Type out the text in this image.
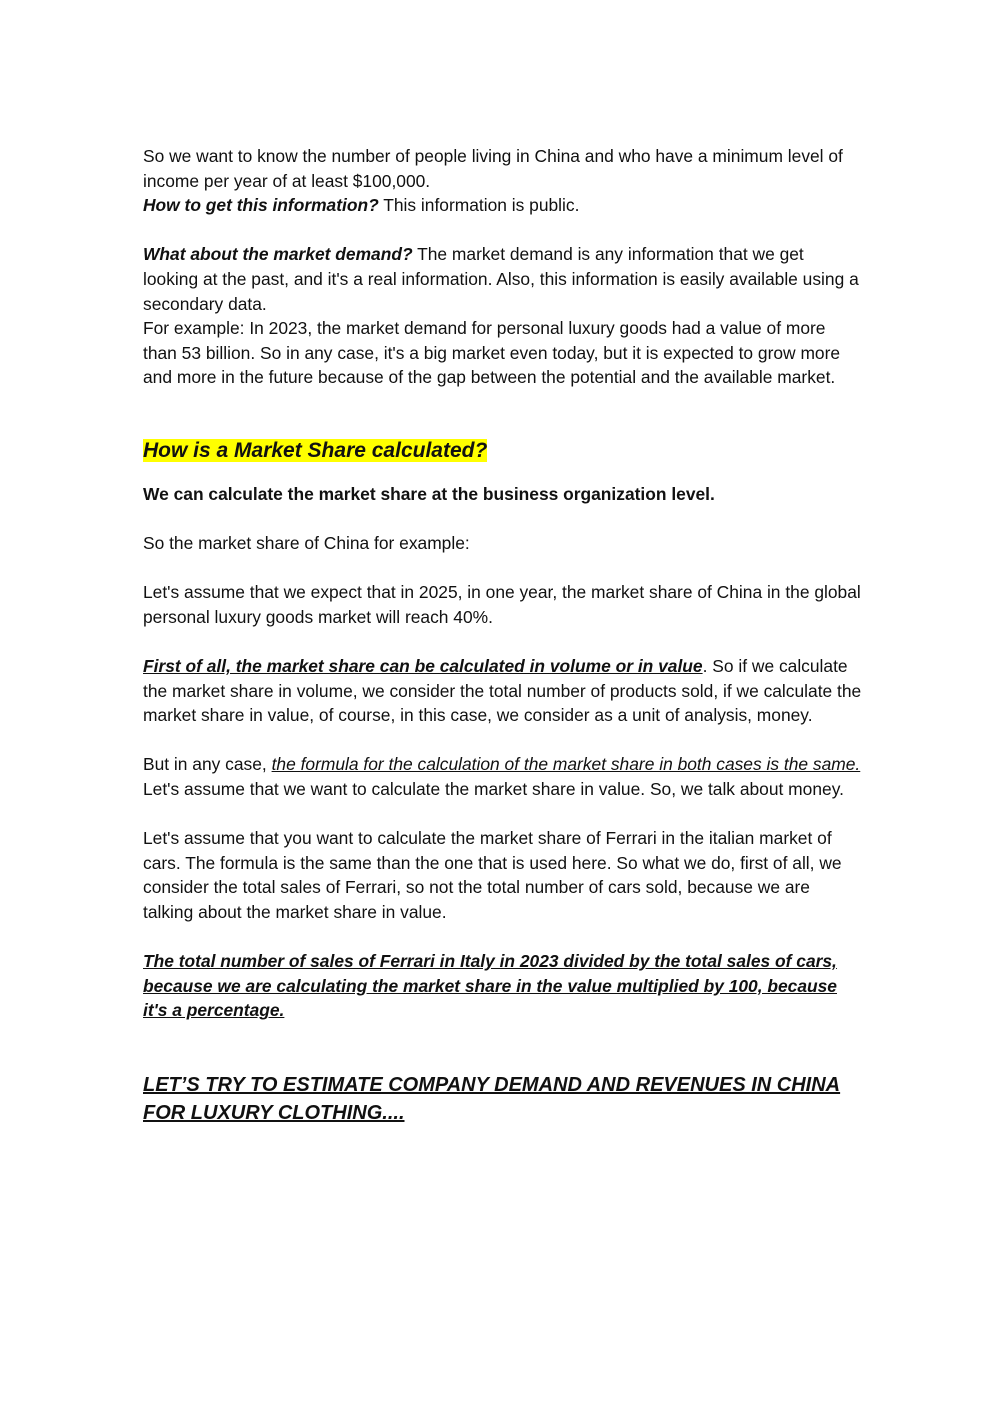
So we want to know the number of people living in China and who have a minimum level of income per year of at least $100,000.

How to get this information? This information is public.

What about the market demand? The market demand is any information that we get looking at the past, and it's a real information. Also, this information is easily available using a secondary data.

For example: In 2023, the market demand for personal luxury goods had a value of more than 53 billion. So in any case, it's a big market even today, but it is expected to grow more and more in the future because of the gap between the potential and the available market.

How is a Market Share calculated?

We can calculate the market share at the business organization level.

So the market share of China for example:

Let's assume that we expect that in 2025, in one year, the market share of China in the global personal luxury goods market will reach 40%.

First of all, the market share can be calculated in volume or in value. So if we calculate the market share in volume, we consider the total number of products sold, if we calculate the market share in value, of course, in this case, we consider as a unit of analysis, money.

But in any case, the formula for the calculation of the market share in both cases is the same. Let's assume that we want to calculate the market share in value. So, we talk about money.

Let's assume that you want to calculate the market share of Ferrari in the italian market of cars. The formula is the same than the one that is used here. So what we do, first of all, we consider the total sales of Ferrari, so not the total number of cars sold, because we are talking about the market share in value.

The total number of sales of Ferrari in Italy in 2023 divided by the total sales of cars, because we are calculating the market share in the value multiplied by 100, because it's a percentage.

LET’S TRY TO ESTIMATE COMPANY DEMAND AND REVENUES IN CHINA FOR LUXURY CLOTHING....
